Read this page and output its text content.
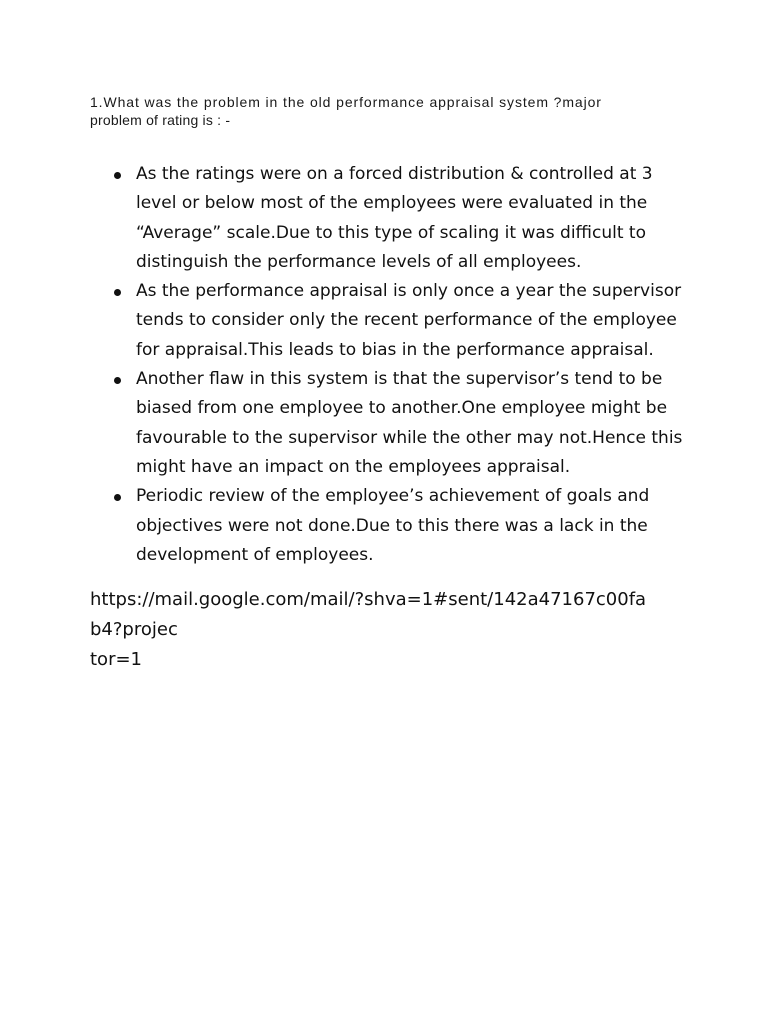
1.What was the problem in the old performance appraisal system ?major
problem of rating is : -

As the ratings were on a forced distribution & controlled at 3 level or below most of the employees were evaluated in the “Average” scale.Due to this type of scaling it was difficult to distinguish the performance levels of all employees.
As the performance appraisal is only once a year the supervisor tends to consider only the recent performance of the employee for appraisal.This leads to bias in the performance appraisal.
Another flaw in this system is that the supervisor’s tend to be biased from one employee to another.One employee might be favourable to the supervisor while the other may not.Hence this might have an impact on the employees appraisal.
Periodic review of the employee’s achievement of goals and objectives were not done.Due to this there was a lack in the development of employees.

https://mail.google.com/mail/?shva=1#sent/142a47167c00fab4?projec
tor=1
